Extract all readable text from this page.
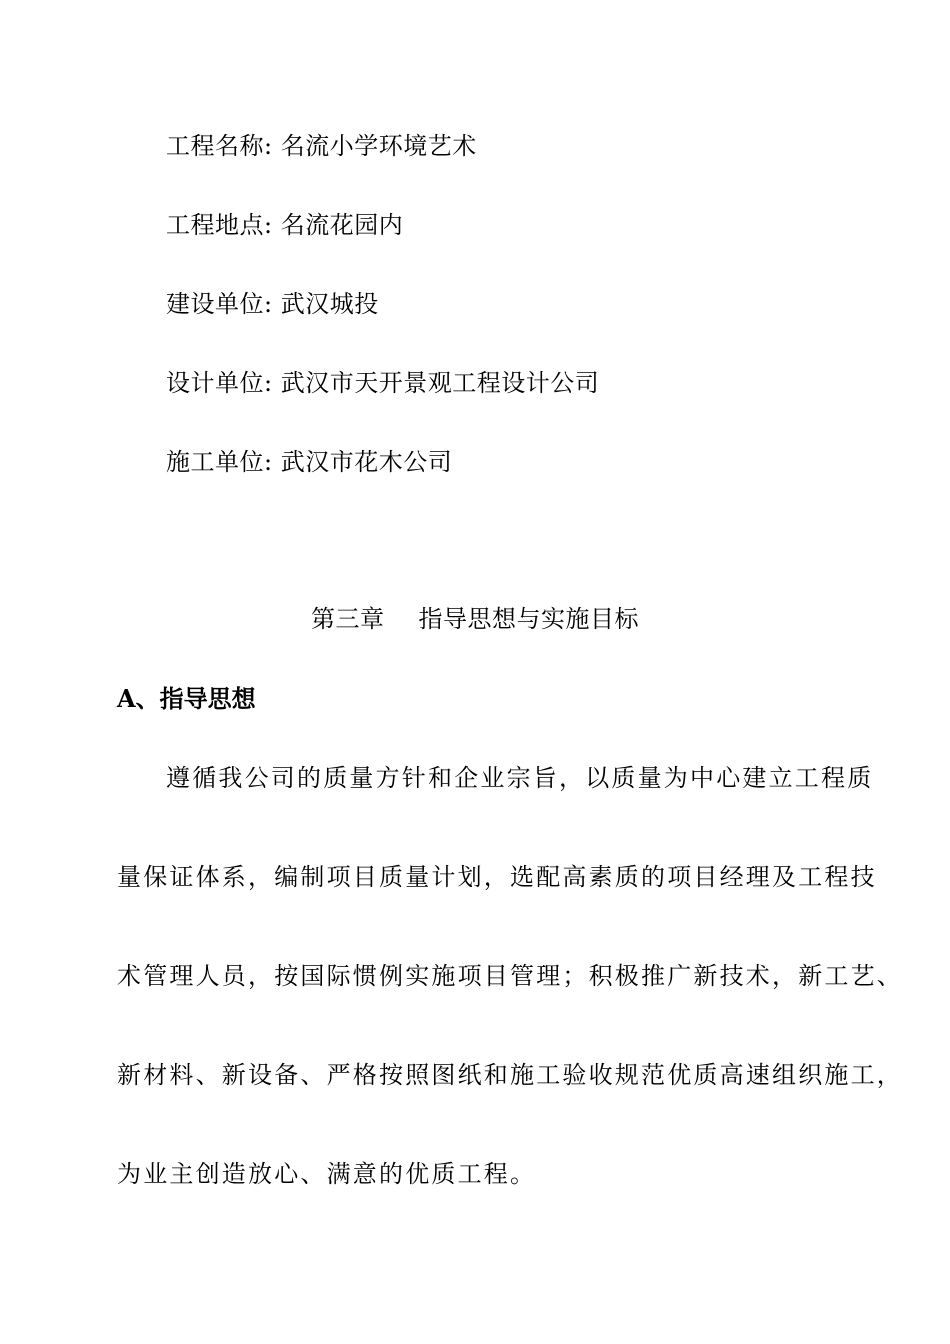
工程名称: 名流小学环境艺术
工程地点: 名流花园内
建设单位: 武汉城投
设计单位: 武汉市天开景观工程设计公司
施工单位: 武汉市花木公司
第三章 指导思想与实施目标
A、指导思想
遵循我公司的质量方针和企业宗旨，以质量为中心建立工程质
量保证体系，编制项目质量计划，选配高素质的项目经理及工程技
术管理人员，按国际惯例实施项目管理；积极推广新技术，新工艺、
新材料、新设备、严格按照图纸和施工验收规范优质高速组织施工，
为业主创造放心、满意的优质工程。
